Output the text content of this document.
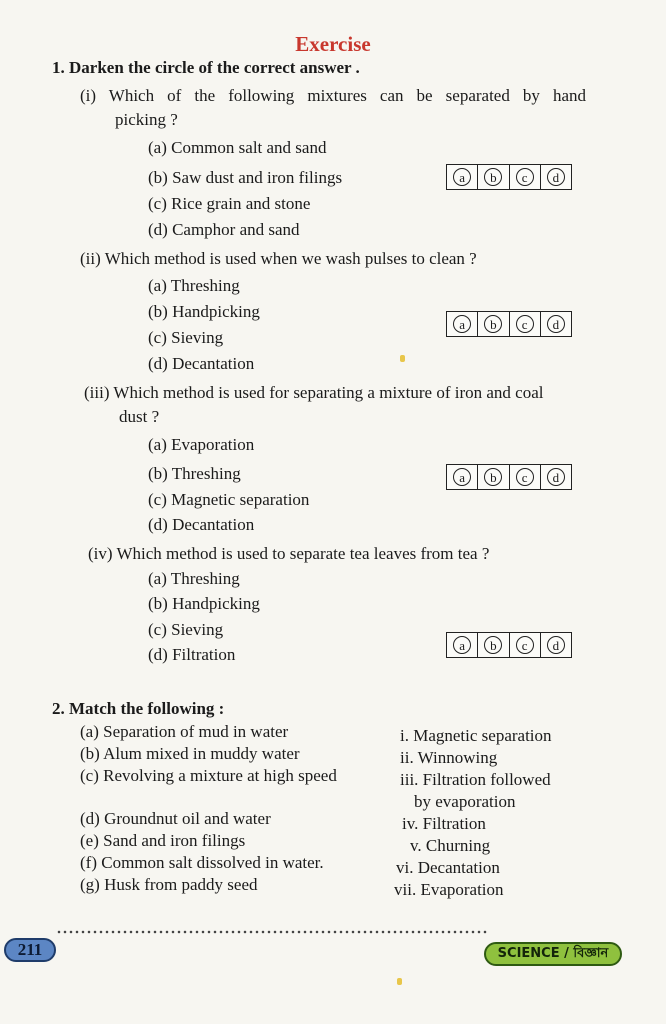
Exercise
1. Darken the circle of the correct answer .
(i) Which of the following mixtures can be separated by hand
picking ?
(a) Common salt and sand
(b) Saw dust and iron filings
(c) Rice grain and stone
(d) Camphor and sand
a	b	c	d
(ii) Which method is used when we wash pulses to clean ?
(a) Threshing
(b) Handpicking
(c) Sieving
(d) Decantation
a	b	c	d
(iii) Which method is used for separating a mixture of iron and coal
dust ?
(a) Evaporation
(b) Threshing
(c) Magnetic separation
(d) Decantation
a	b	c	d
(iv) Which method is used to separate tea leaves from tea ?
(a) Threshing
(b) Handpicking
(c) Sieving
(d) Filtration	a	b	c	d
2. Match the following :
(a) Separation of mud in water
(b) Alum mixed in muddy water
(c) Revolving a mixture at high speed
(d) Groundnut oil and water
(e) Sand and iron filings
(f) Common salt dissolved in water.
(g) Husk from paddy seed
i. Magnetic separation
ii. Winnowing
iii. Filtration followed
by evaporation
iv. Filtration
v. Churning
vi. Decantation
vii. Evaporation
211	SCIENCE / বিজ্ঞান
